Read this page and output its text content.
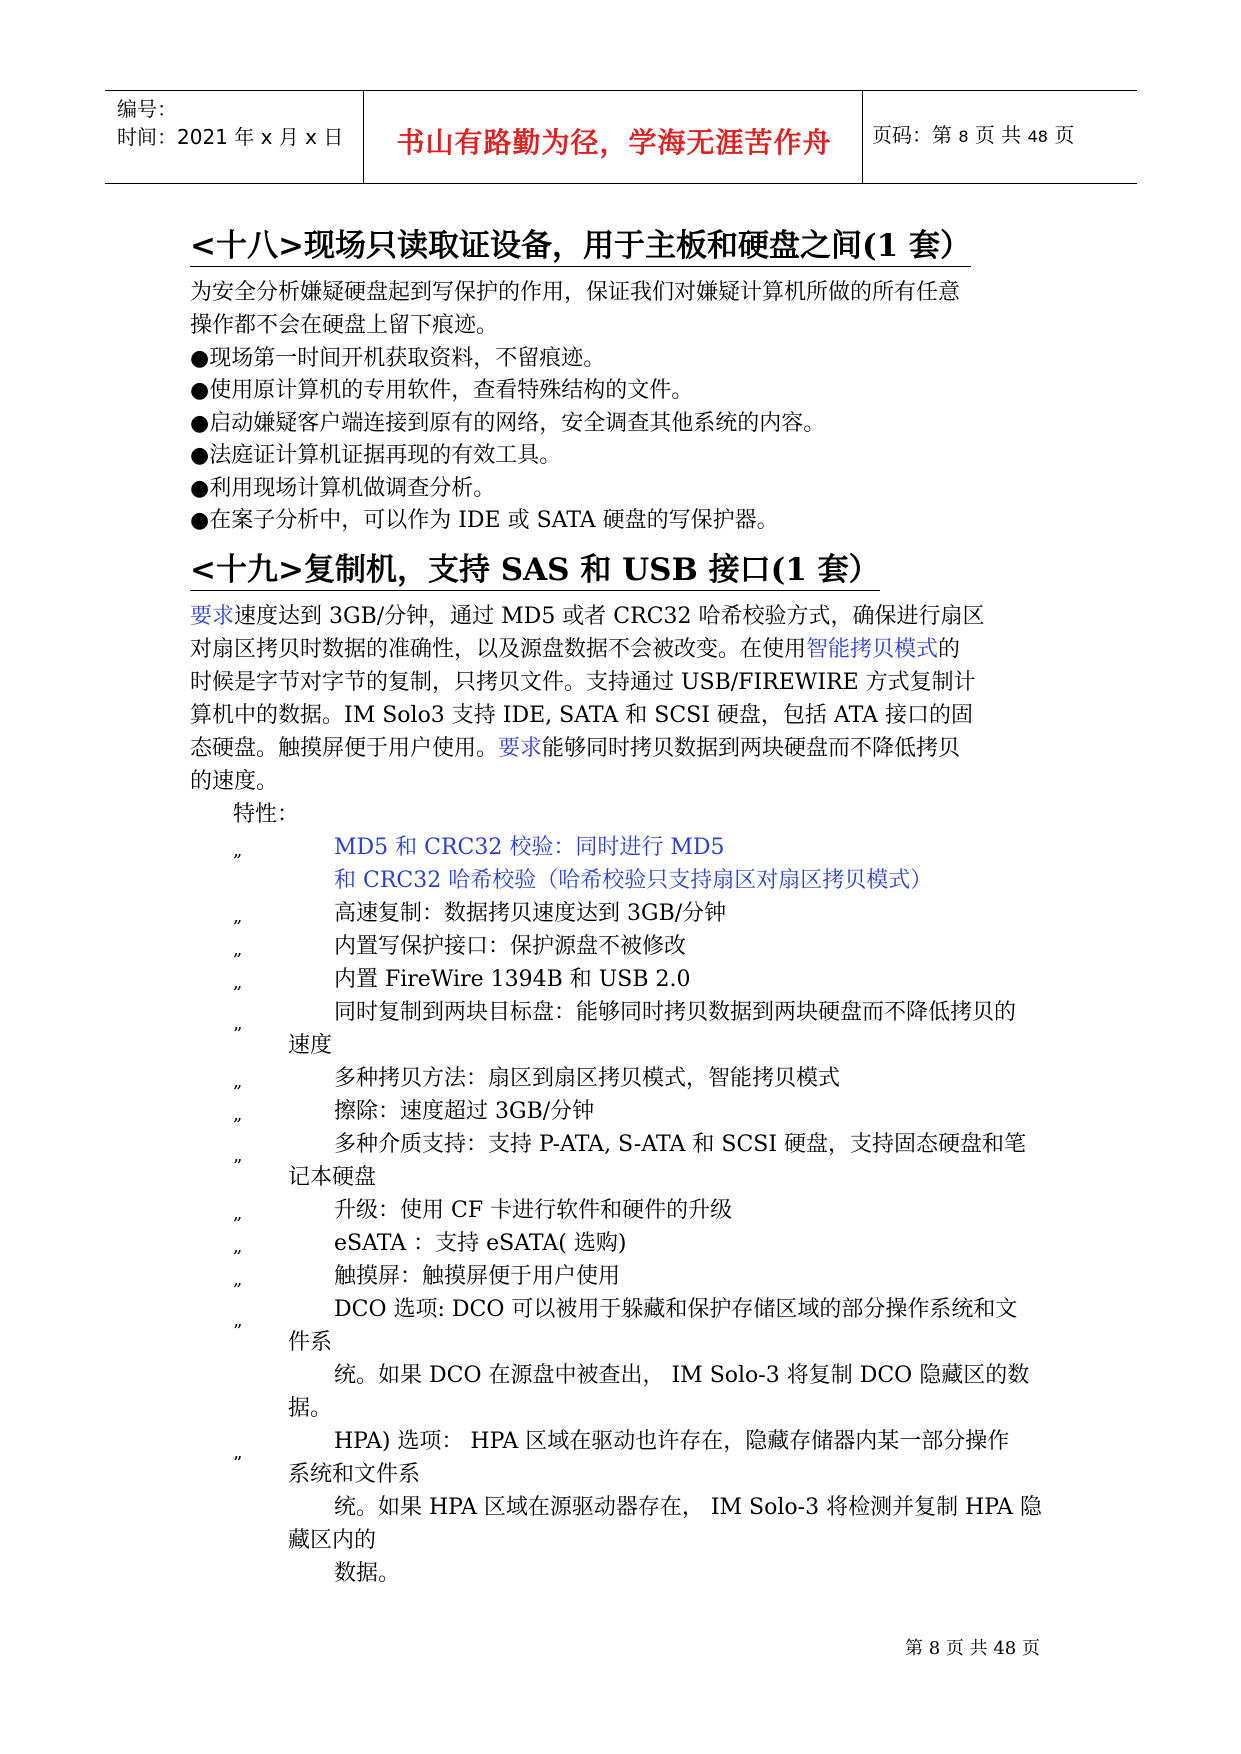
编号：
时间：2021 年 x 月 x 日	书山有路勤为径，学海无涯苦作舟	页码：第 8 页 共 48 页
<十八>现场只读取证设备，用于主板和硬盘之间(1 套）
为安全分析嫌疑硬盘起到写保护的作用，保证我们对嫌疑计算机所做的所有任意
操作都不会在硬盘上留下痕迹。
●现场第一时间开机获取资料，不留痕迹。
●使用原计算机的专用软件，查看特殊结构的文件。
●启动嫌疑客户端连接到原有的网络，安全调查其他系统的内容。
●法庭证计算机证据再现的有效工具。
●利用现场计算机做调查分析。
●在案子分析中，可以作为 IDE 或 SATA 硬盘的写保护器。
<十九>复制机，支持 SAS 和 USB 接口(1 套）
要求速度达到 3GB/分钟，通过 MD5 或者 CRC32 哈希校验方式，确保进行扇区
对扇区拷贝时数据的准确性，以及源盘数据不会被改变。在使用智能拷贝模式的
时候是字节对字节的复制，只拷贝文件。支持通过 USB/FIREWIRE 方式复制计
算机中的数据。IM Solo3 支持 IDE, SATA 和 SCSI 硬盘，包括 ATA 接口的固
态硬盘。触摸屏便于用户使用。要求能够同时拷贝数据到两块硬盘而不降低拷贝
的速度。
特性：
„	MD5 和 CRC32 校验：同时进行 MD5
和 CRC32 哈希校验（哈希校验只支持扇区对扇区拷贝模式）
„	高速复制：数据拷贝速度达到 3GB/分钟
„	内置写保护接口：保护源盘不被修改
„	内置 FireWire 1394B 和 USB 2.0
同时复制到两块目标盘：能够同时拷贝数据到两块硬盘而不降低拷贝的
” 速度
„	多种拷贝方法：扇区到扇区拷贝模式，智能拷贝模式
„	擦除：速度超过 3GB/分钟
多种介质支持：支持 P-ATA, S-ATA 和 SCSI 硬盘，支持固态硬盘和笔
” 记本硬盘
„	升级：使用 CF 卡进行软件和硬件的升级
„	eSATA ：支持 eSATA( 选购)
„	触摸屏：触摸屏便于用户使用
DCO 选项: DCO 可以被用于躲藏和保护存储区域的部分操作系统和文
” 件系
统。如果 DCO 在源盘中被查出， IM Solo-3 将复制 DCO 隐藏区的数
据。
HPA) 选项： HPA 区域在驱动也许存在，隐藏存储器内某一部分操作
” 系统和文件系
统。如果 HPA 区域在源驱动器存在， IM Solo-3 将检测并复制 HPA 隐
藏区内的
数据。
第 8 页 共 48 页
